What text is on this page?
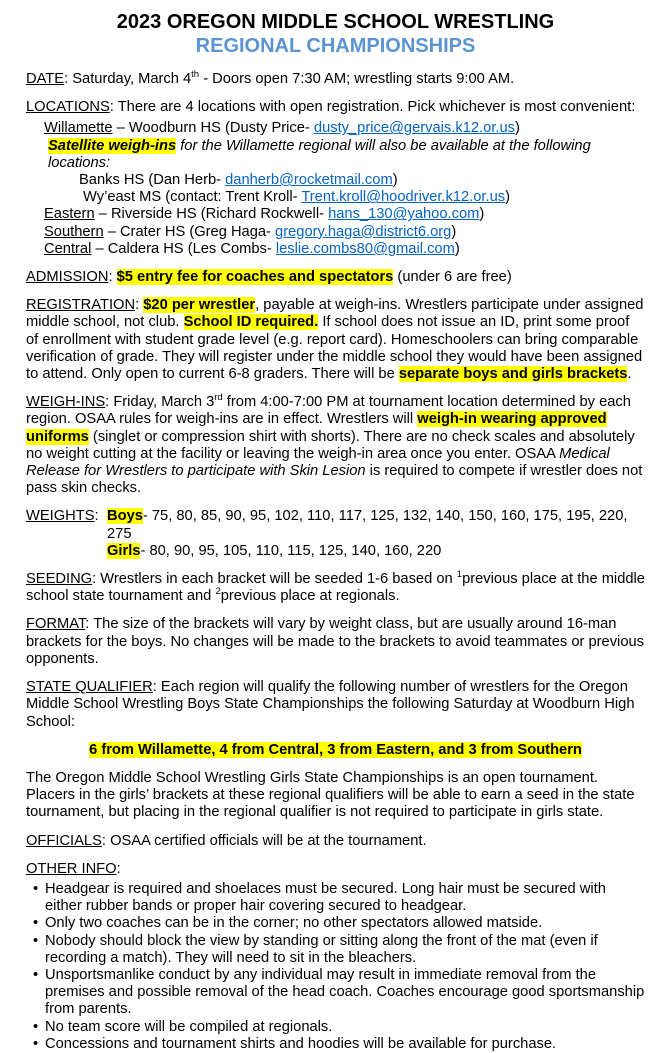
2023 OREGON MIDDLE SCHOOL WRESTLING
REGIONAL CHAMPIONSHIPS

DATE: Saturday, March 4th - Doors open 7:30 AM; wrestling starts 9:00 AM.

LOCATIONS: There are 4 locations with open registration. Pick whichever is most convenient:

Willamette – Woodburn HS (Dusty Price- dusty_price@gervais.k12.or.us)

Satellite weigh-ins for the Willamette regional will also be available at the following locations:

Banks HS (Dan Herb- danherb@rocketmail.com)

Wy’east MS (contact: Trent Kroll- Trent.kroll@hoodriver.k12.or.us)

Eastern – Riverside HS (Richard Rockwell- hans_130@yahoo.com)

Southern – Crater HS (Greg Haga- gregory.haga@district6.org)

Central – Caldera HS (Les Combs- leslie.combs80@gmail.com)

ADMISSION: $5 entry fee for coaches and spectators (under 6 are free)

REGISTRATION: $20 per wrestler, payable at weigh-ins. Wrestlers participate under assigned middle school, not club. School ID required. If school does not issue an ID, print some proof of enrollment with student grade level (e.g. report card). Homeschoolers can bring comparable verification of grade. They will register under the middle school they would have been assigned to attend. Only open to current 6-8 graders. There will be separate boys and girls brackets.

WEIGH-INS: Friday, March 3rd from 4:00-7:00 PM at tournament location determined by each region. OSAA rules for weigh-ins are in effect. Wrestlers will weigh-in wearing approved uniforms (singlet or compression shirt with shorts). There are no check scales and absolutely no weight cutting at the facility or leaving the weigh-in area once you enter. OSAA Medical Release for Wrestlers to participate with Skin Lesion is required to compete if wrestler does not pass skin checks.

WEIGHTS: Boys- 75, 80, 85, 90, 95, 102, 110, 117, 125, 132, 140, 150, 160, 175, 195, 220, 275
Girls- 80, 90, 95, 105, 110, 115, 125, 140, 160, 220

SEEDING: Wrestlers in each bracket will be seeded 1-6 based on $^1$previous place at the middle school state tournament and $^2$previous place at regionals.

FORMAT: The size of the brackets will vary by weight class, but are usually around 16-man brackets for the boys. No changes will be made to the brackets to avoid teammates or previous opponents.

STATE QUALIFIER: Each region will qualify the following number of wrestlers for the Oregon Middle School Wrestling Boys State Championships the following Saturday at Woodburn High School:

6 from Willamette, 4 from Central, 3 from Eastern, and 3 from Southern

The Oregon Middle School Wrestling Girls State Championships is an open tournament. Placers in the girls’ brackets at these regional qualifiers will be able to earn a seed in the state tournament, but placing in the regional qualifier is not required to participate in girls state.

OFFICIALS: OSAA certified officials will be at the tournament.

OTHER INFO:

• Headgear is required and shoelaces must be secured. Long hair must be secured with either rubber bands or proper hair covering secured to headgear.
• Only two coaches can be in the corner; no other spectators allowed matside.
• Nobody should block the view by standing or sitting along the front of the mat (even if recording a match). They will need to sit in the bleachers.
• Unsportsmanlike conduct by any individual may result in immediate removal from the premises and possible removal of the head coach. Coaches encourage good sportsmanship from parents.
• No team score will be compiled at regionals.
• Concessions and tournament shirts and hoodies will be available for purchase.
